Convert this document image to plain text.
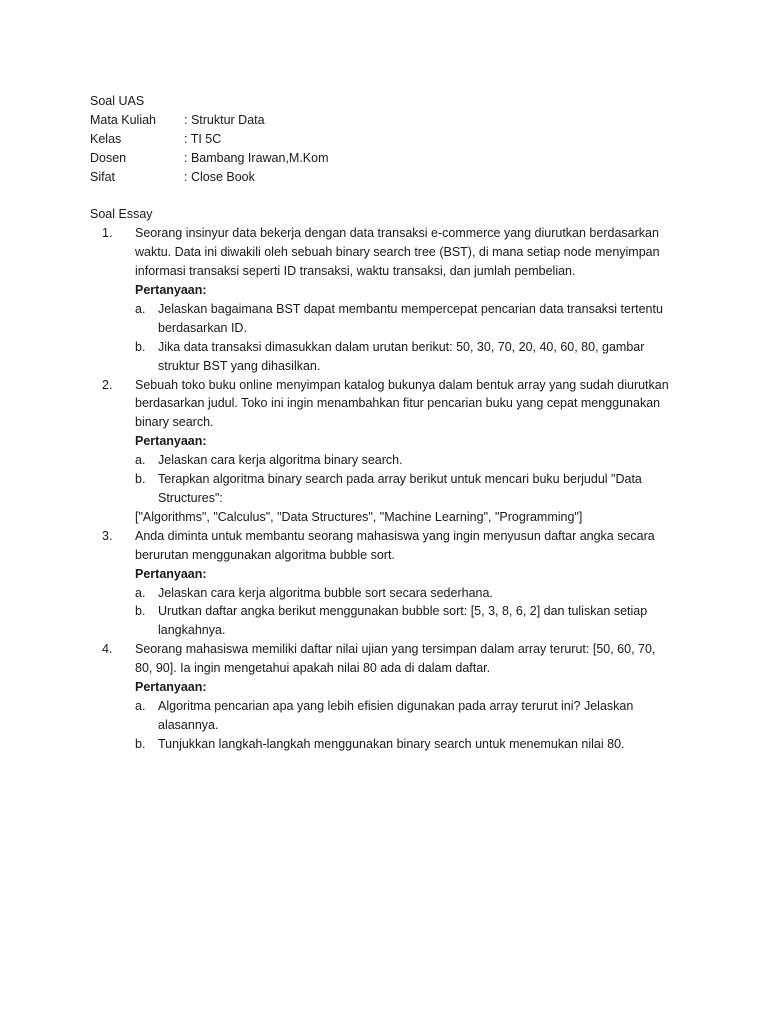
Soal UAS
Mata Kuliah	: Struktur Data
Kelas	: TI 5C
Dosen	: Bambang Irawan,M.Kom
Sifat	: Close Book
Soal Essay
1.	Seorang insinyur data bekerja dengan data transaksi e-commerce yang diurutkan berdasarkan
waktu. Data ini diwakili oleh sebuah binary search tree (BST), di mana setiap node menyimpan
informasi transaksi seperti ID transaksi, waktu transaksi, dan jumlah pembelian.
Pertanyaan:
a.	Jelaskan bagaimana BST dapat membantu mempercepat pencarian data transaksi tertentu
berdasarkan ID.
b.	Jika data transaksi dimasukkan dalam urutan berikut: 50, 30, 70, 20, 40, 60, 80, gambar
struktur BST yang dihasilkan.
2.	Sebuah toko buku online menyimpan katalog bukunya dalam bentuk array yang sudah diurutkan
berdasarkan judul. Toko ini ingin menambahkan fitur pencarian buku yang cepat menggunakan
binary search.
Pertanyaan:
a.	Jelaskan cara kerja algoritma binary search.
b.	Terapkan algoritma binary search pada array berikut untuk mencari buku berjudul "Data
Structures":
["Algorithms", "Calculus", "Data Structures", "Machine Learning", "Programming"]
3.	Anda diminta untuk membantu seorang mahasiswa yang ingin menyusun daftar angka secara
berurutan menggunakan algoritma bubble sort.
Pertanyaan:
a.	Jelaskan cara kerja algoritma bubble sort secara sederhana.
b.	Urutkan daftar angka berikut menggunakan bubble sort: [5, 3, 8, 6, 2] dan tuliskan setiap
langkahnya.
4.	Seorang mahasiswa memiliki daftar nilai ujian yang tersimpan dalam array terurut: [50, 60, 70,
80, 90]. Ia ingin mengetahui apakah nilai 80 ada di dalam daftar.
Pertanyaan:
a.	Algoritma pencarian apa yang lebih efisien digunakan pada array terurut ini? Jelaskan
alasannya.
b.	Tunjukkan langkah-langkah menggunakan binary search untuk menemukan nilai 80.
